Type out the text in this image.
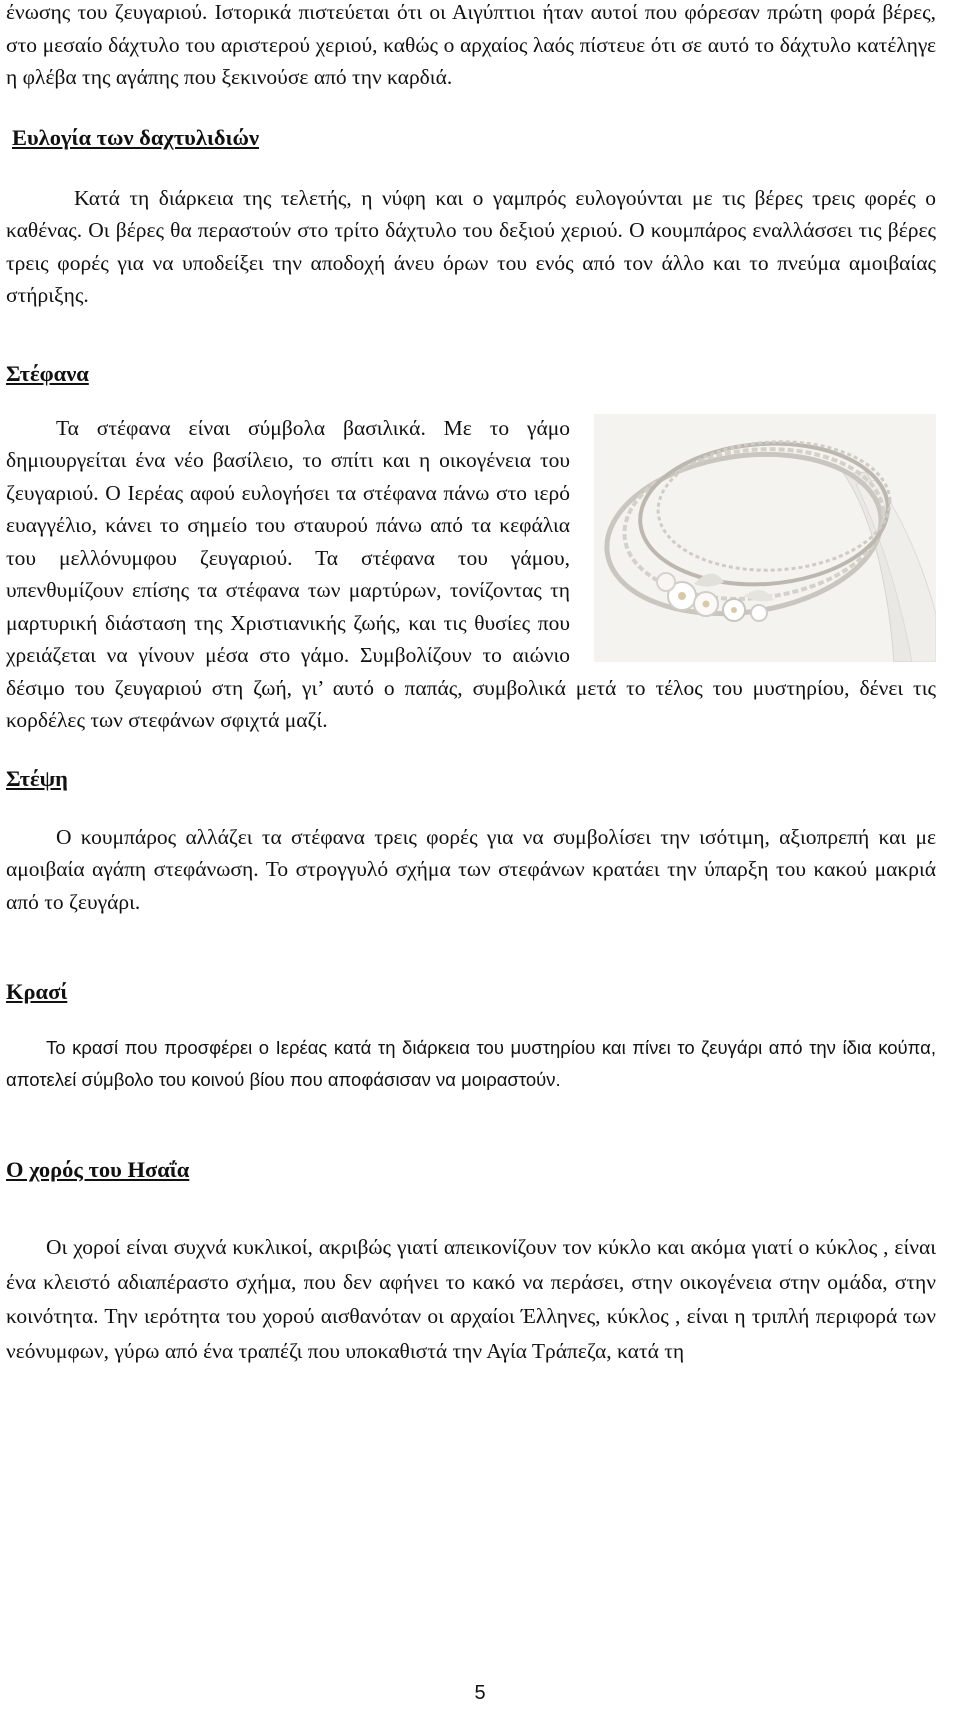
ένωσης του ζευγαριού. Ιστορικά πιστεύεται ότι οι Αιγύπτιοι ήταν αυτοί που φόρεσαν πρώτη φορά βέρες, στο μεσαίο δάχτυλο του αριστερού χεριού, καθώς ο αρχαίος λαός πίστευε ότι σε αυτό το δάχτυλο κατέληγε η φλέβα της αγάπης που ξεκινούσε από την καρδιά.

Ευλογία των δαχτυλιδιών

Κατά τη διάρκεια της τελετής, η νύφη και ο γαμπρός ευλογούνται με τις βέρες τρεις φορές ο καθένας. Οι βέρες θα περαστούν στο τρίτο δάχτυλο του δεξιού χεριού. Ο κουμπάρος εναλλάσσει τις βέρες τρεις φορές για να υποδείξει την αποδοχή άνευ όρων του ενός από τον άλλο και το πνεύμα αμοιβαίας στήριξης.

Στέφανα

Τα στέφανα είναι σύμβολα βασιλικά. Με το γάμο δημιουργείται ένα νέο βασίλειο, το σπίτι και η οικογένεια του ζευγαριού. Ο Ιερέας αφού ευλογήσει τα στέφανα πάνω στο ιερό ευαγγέλιο, κάνει το σημείο του σταυρού πάνω από τα κεφάλια του μελλόνυμφου ζευγαριού. Τα στέφανα του γάμου, υπενθυμίζουν επίσης τα στέφανα των μαρτύρων, τονίζοντας τη μαρτυρική διάσταση της Χριστιανικής ζωής, και τις θυσίες που χρειάζεται να γίνουν μέσα στο γάμο. Συμβολίζουν το αιώνιο δέσιμο του ζευγαριού στη ζωή, γι’ αυτό ο παπάς, συμβολικά μετά το τέλος του μυστηρίου, δένει τις κορδέλες των στεφάνων σφιχτά μαζί.

Στέψη

Ο κουμπάρος αλλάζει τα στέφανα τρεις φορές για να συμβολίσει την ισότιμη, αξιοπρεπή και με αμοιβαία αγάπη στεφάνωση. Το στρογγυλό σχήμα των στεφάνων κρατάει την ύπαρξη του κακού μακριά από το ζευγάρι.

Κρασί

Το κρασί που προσφέρει ο Ιερέας κατά τη διάρκεια του μυστηρίου και πίνει το ζευγάρι από την ίδια κούπα, αποτελεί σύμβολο του κοινού βίου που αποφάσισαν να μοιραστούν.

Ο χορός του Ησαΐα

Οι χοροί είναι συχνά κυκλικοί, ακριβώς γιατί απεικονίζουν τον κύκλο και ακόμα γιατί ο κύκλος , είναι ένα κλειστό αδιαπέραστο σχήμα, που δεν αφήνει το κακό να περάσει, στην οικογένεια στην ομάδα, στην κοινότητα. Την ιερότητα του χορού αισθανόταν οι αρχαίοι Έλληνες, κύκλος , είναι η τριπλή περιφορά των νεόνυμφων, γύρω από ένα τραπέζι που υποκαθιστά την Αγία Τράπεζα, κατά τη

5
